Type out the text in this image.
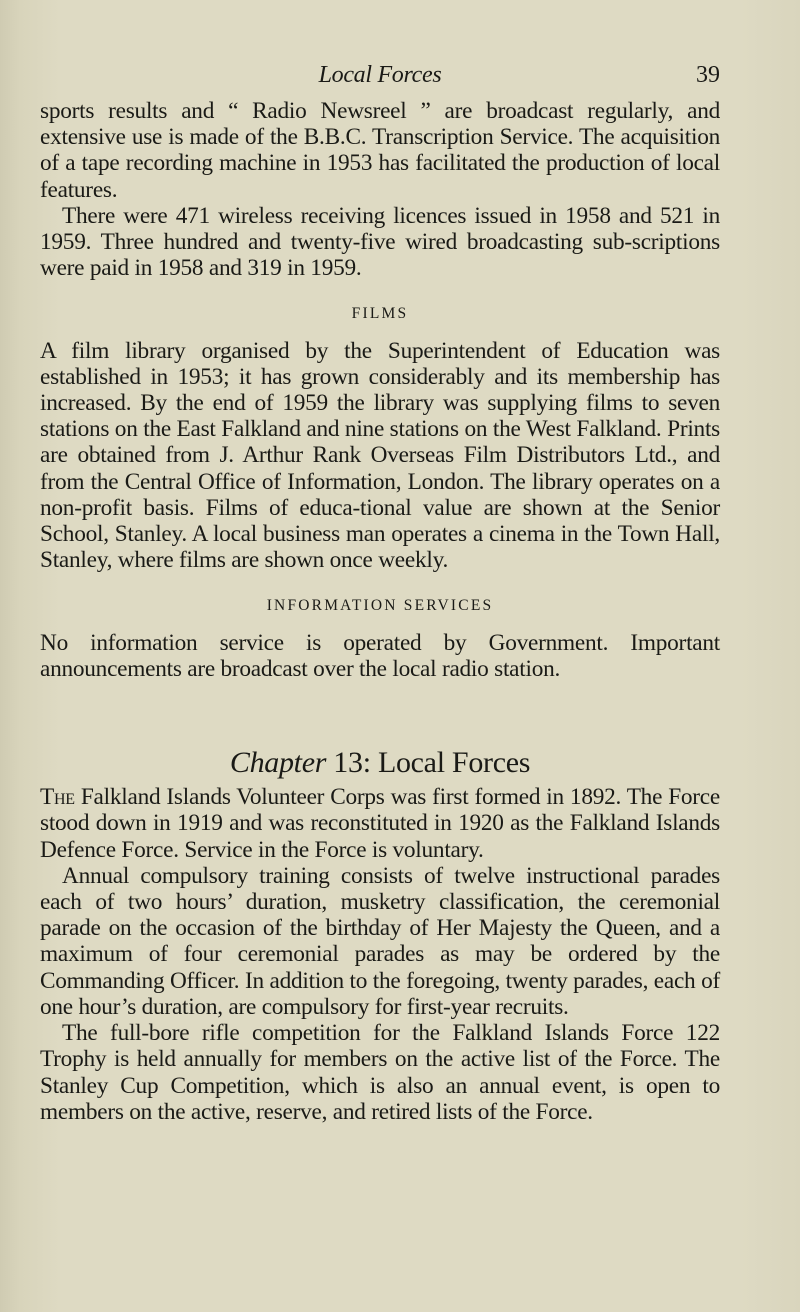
Local Forces	39

sports results and “ Radio Newsreel ” are broadcast regularly, and extensive use is made of the B.B.C. Transcription Service. The acquisition of a tape recording machine in 1953 has facilitated the production of local features.

There were 471 wireless receiving licences issued in 1958 and 521 in 1959. Three hundred and twenty-five wired broadcasting sub-scriptions were paid in 1958 and 319 in 1959.

FILMS

A film library organised by the Superintendent of Education was established in 1953; it has grown considerably and its membership has increased. By the end of 1959 the library was supplying films to seven stations on the East Falkland and nine stations on the West Falkland. Prints are obtained from J. Arthur Rank Overseas Film Distributors Ltd., and from the Central Office of Information, London. The library operates on a non-profit basis. Films of educa-tional value are shown at the Senior School, Stanley. A local business man operates a cinema in the Town Hall, Stanley, where films are shown once weekly.

INFORMATION SERVICES

No information service is operated by Government. Important announcements are broadcast over the local radio station.

Chapter 13: Local Forces

The Falkland Islands Volunteer Corps was first formed in 1892. The Force stood down in 1919 and was reconstituted in 1920 as the Falkland Islands Defence Force. Service in the Force is voluntary.

Annual compulsory training consists of twelve instructional parades each of two hours’ duration, musketry classification, the ceremonial parade on the occasion of the birthday of Her Majesty the Queen, and a maximum of four ceremonial parades as may be ordered by the Commanding Officer. In addition to the foregoing, twenty parades, each of one hour’s duration, are compulsory for first-year recruits.

The full-bore rifle competition for the Falkland Islands Force 122 Trophy is held annually for members on the active list of the Force. The Stanley Cup Competition, which is also an annual event, is open to members on the active, reserve, and retired lists of the Force.
